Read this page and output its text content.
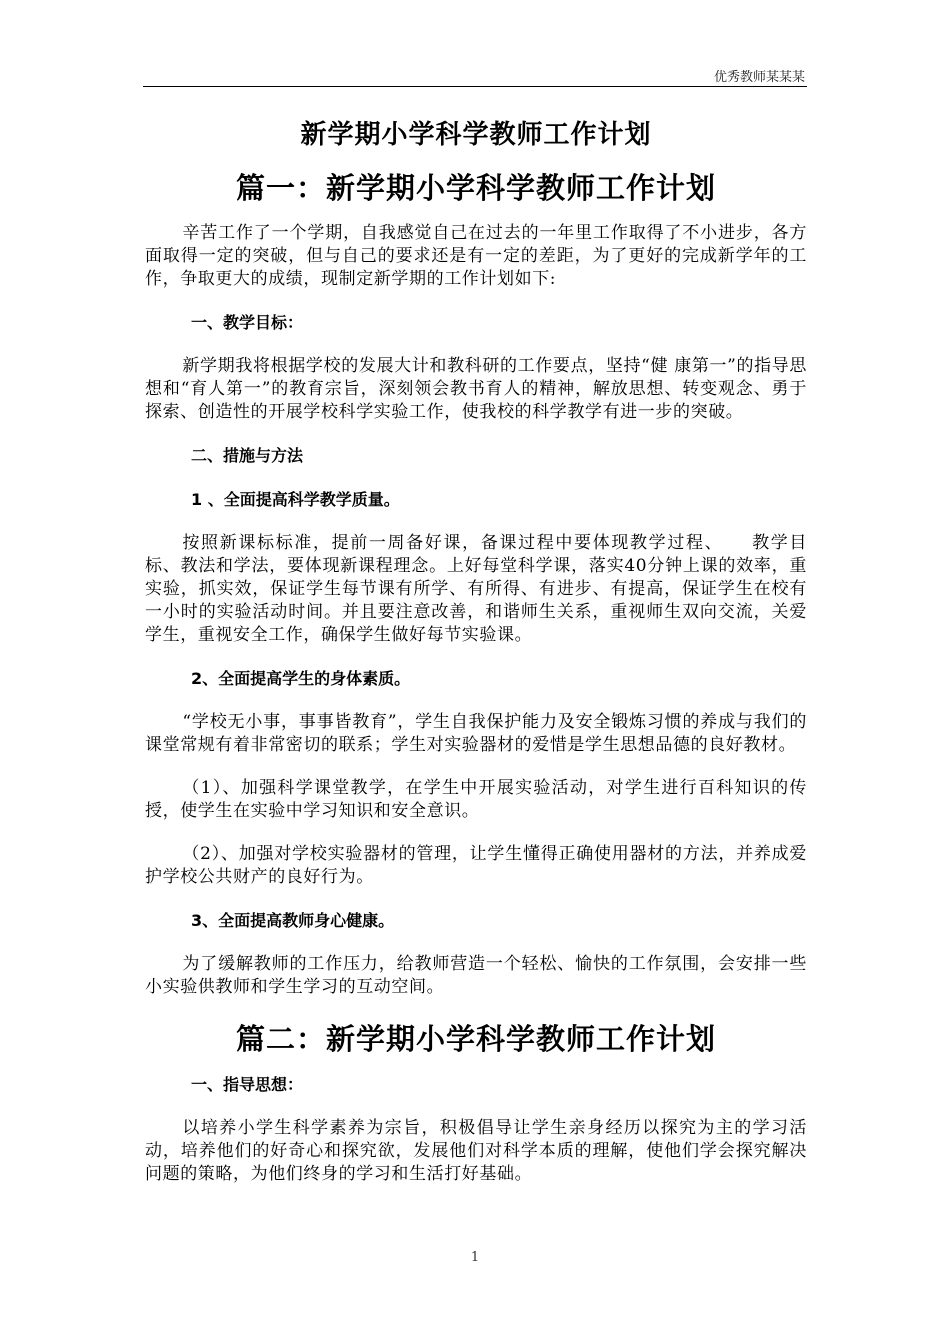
优秀教师某某某
新学期小学科学教师工作计划
篇一：新学期小学科学教师工作计划

辛苦工作了一个学期，自我感觉自己在过去的一年里工作取得了不小进步，各方面取得一定的突破，但与自己的要求还是有一定的差距，为了更好的完成新学年的工作，争取更大的成绩，现制定新学期的工作计划如下:

一、教学目标：

新学期我将根据学校的发展大计和教科研的工作要点，坚持“健 康第一”的指导思想和“育人第一”的教育宗旨，深刻领会教书育人的精神，解放思想、转变观念、勇于探索、创造性的开展学校科学实验工作，使我校的科学教学有进一步的突破。

二、措施与方法
1 、全面提高科学教学质量。

按照新课标标准，提前一周备好课，备课过程中要体现教学过程、　　教学目标、教法和学法，要体现新课程理念。上好每堂科学课，落实40分钟上课的效率，重实验，抓实效，保证学生每节课有所学、有所得、有进步、有提高，保证学生在校有一小时的实验活动时间。并且要注意改善，和谐师生关系，重视师生双向交流，关爱学生，重视安全工作，确保学生做好每节实验课。

2、全面提高学生的身体素质。

“学校无小事，事事皆教育”，学生自我保护能力及安全锻炼习惯的养成与我们的课堂常规有着非常密切的联系；学生对实验器材的爱惜是学生思想品德的良好教材。

（1）、加强科学课堂教学，在学生中开展实验活动，对学生进行百科知识的传授，使学生在实验中学习知识和安全意识。

（2）、加强对学校实验器材的管理，让学生懂得正确使用器材的方法，并养成爱护学校公共财产的良好行为。

3、全面提高教师身心健康。

为了缓解教师的工作压力，给教师营造一个轻松、愉快的工作氛围，会安排一些小实验供教师和学生学习的互动空间。

篇二：新学期小学科学教师工作计划
一、指导思想：

以培养小学生科学素养为宗旨，积极倡导让学生亲身经历以探究为主的学习活动，培养他们的好奇心和探究欲，发展他们对科学本质的理解，使他们学会探究解决问题的策略，为他们终身的学习和生活打好基础。

1
